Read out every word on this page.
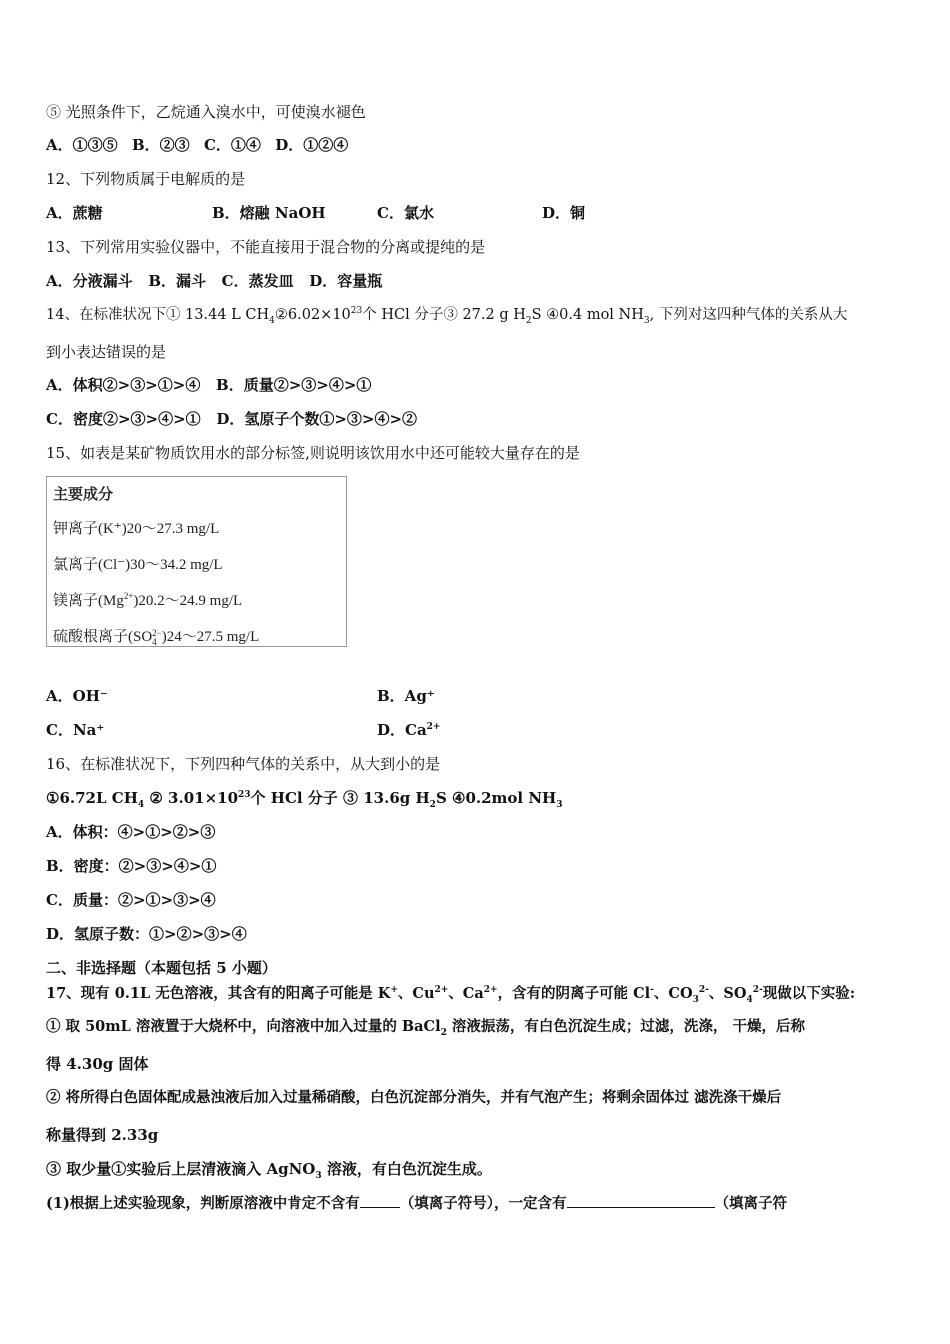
⑤ 光照条件下，乙烷通入溴水中，可使溴水褪色
A．①③⑤ B．②③ C．①④ D．①②④
12、下列物质属于电解质的是
A．蔗糖	B．熔融 NaOH	C．氯水	D．铜
13、下列常用实验仪器中，不能直接用于混合物的分离或提纯的是
A．分液漏斗 B．漏斗 C．蒸发皿 D．容量瓶
14、在标准状况下① 13.44 L $CH_4②6.02\times 10^{23}$个 HCl 分子③ 27.2 g $H_2S$ ④0.4 mol $NH_3$, 下列对这四种气体的关系从大
到小表达错误的是
A．体积②>③>①>④ B．质量②>③>④>①
C．密度②>③>④>① D．氢原子个数①>③>④>②
15、如表是某矿物质饮用水的部分标签,则说明该饮用水中还可能较大量存在的是
主要成分
钾离子(K⁺)20～27.3 mg/L
氯离子(Cl⁻)30～34.2 mg/L
镁离子$(Mg^{2+})20.2\sim 24.9$ mg/L
硫酸根离子(SO2−
4 )24～27.5 mg/L
A．OH⁻	B．Ag⁺
C．Na⁺	D．$Ca^{2+}$
16、在标准状况下，下列四种气体的关系中，从大到小的是
①6.72L $CH_4$ ② $3.01\times 10^{23}$个 HCl 分子 ③ 13.6g $H_2S$ ④0.2mol $NH_3$
A．体积：④>①>②>③
B．密度：②>③>④>①
C．质量：②>①>③>④
D．氢原子数：①>②>③>④
二、非选择题（本题包括 5 小题）
17、现有 0.1L 无色溶液，其含有的阳离子可能是 K+、$Cu^{2+}$、$Ca^{2+}$，含有的阴离子可能 Cl-、$CO_3^{2-}$、$SO_4^{2-}$现做以下实验:
① 取 50mL 溶液置于大烧杯中，向溶液中加入过量的 BaCl$_2$ 溶液振荡，有白色沉淀生成；过滤，洗涤， 干燥，后称
得 4.30g 固体
② 将所得白色固体配成悬浊液后加入过量稀硝酸，白色沉淀部分消失，并有气泡产生；将剩余固体过 滤洗涤干燥后
称量得到 2.33g
③ 取少量①实验后上层清液滴入 AgNO$_3$ 溶液，有白色沉淀生成。
(1)根据上述实验现象，判断原溶液中肯定不含有	（填离子符号），一定含有	（填离子符
